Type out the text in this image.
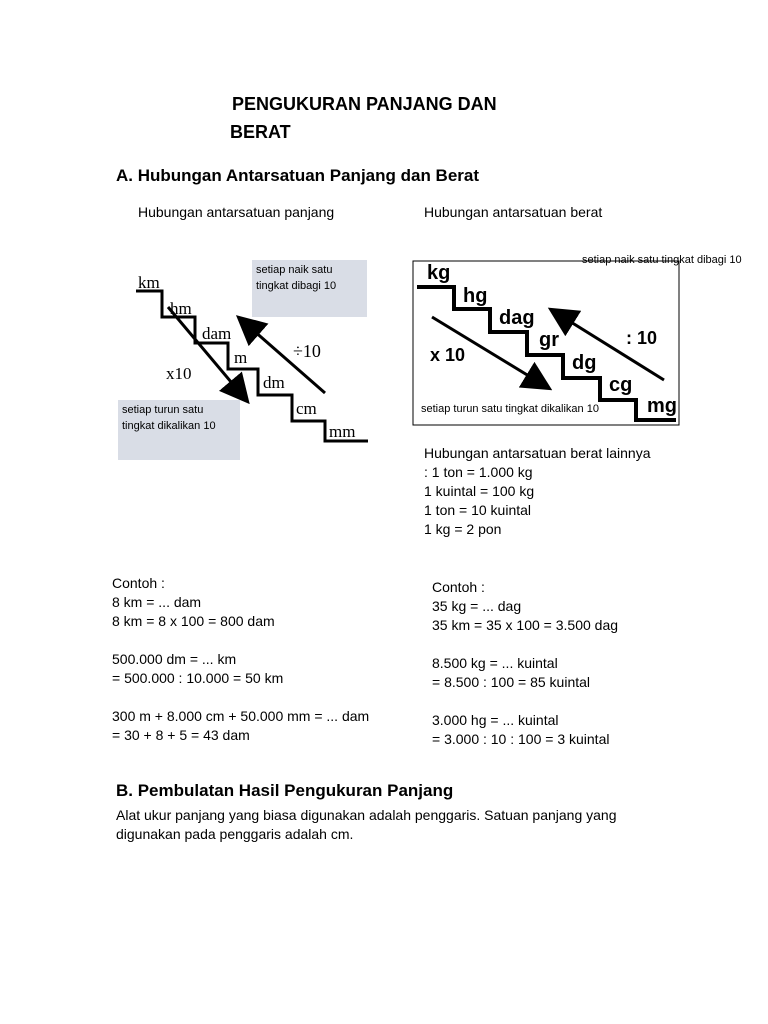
PENGUKURAN PANJANG DAN
BERAT
A. Hubungan Antarsatuan Panjang dan Berat
Hubungan antarsatuan panjang	Hubungan antarsatuan berat
km
hm
dam
m
dm
cm
mm
x10
÷10
setiap naik satu tingkat dibagi 10
setiap turun satu tingkat dikalikan 10
kg
hg
dag
gr
dg
cg
mg
x 10
: 10
setiap naik satu tingkat dibagi 10
setiap turun satu tingkat dikalikan 10
Hubungan antarsatuan berat lainnya
: 1 ton = 1.000 kg
1 kuintal = 100 kg
1 ton = 10 kuintal
1 kg = 2 pon
Contoh :
8 km = ... dam
8 km = 8 x 100 = 800 dam
500.000 dm = ... km
= 500.000 : 10.000 = 50 km
300 m + 8.000 cm + 50.000 mm = ... dam
= 30 + 8 + 5 = 43 dam
Contoh :
35 kg = ... dag
35 km = 35 x 100 = 3.500 dag
8.500 kg = ... kuintal
= 8.500 : 100 = 85 kuintal
3.000 hg = ... kuintal
= 3.000 : 10 : 100 = 3 kuintal
B. Pembulatan Hasil Pengukuran Panjang
Alat ukur panjang yang biasa digunakan adalah penggaris. Satuan panjang yang
digunakan pada penggaris adalah cm.
